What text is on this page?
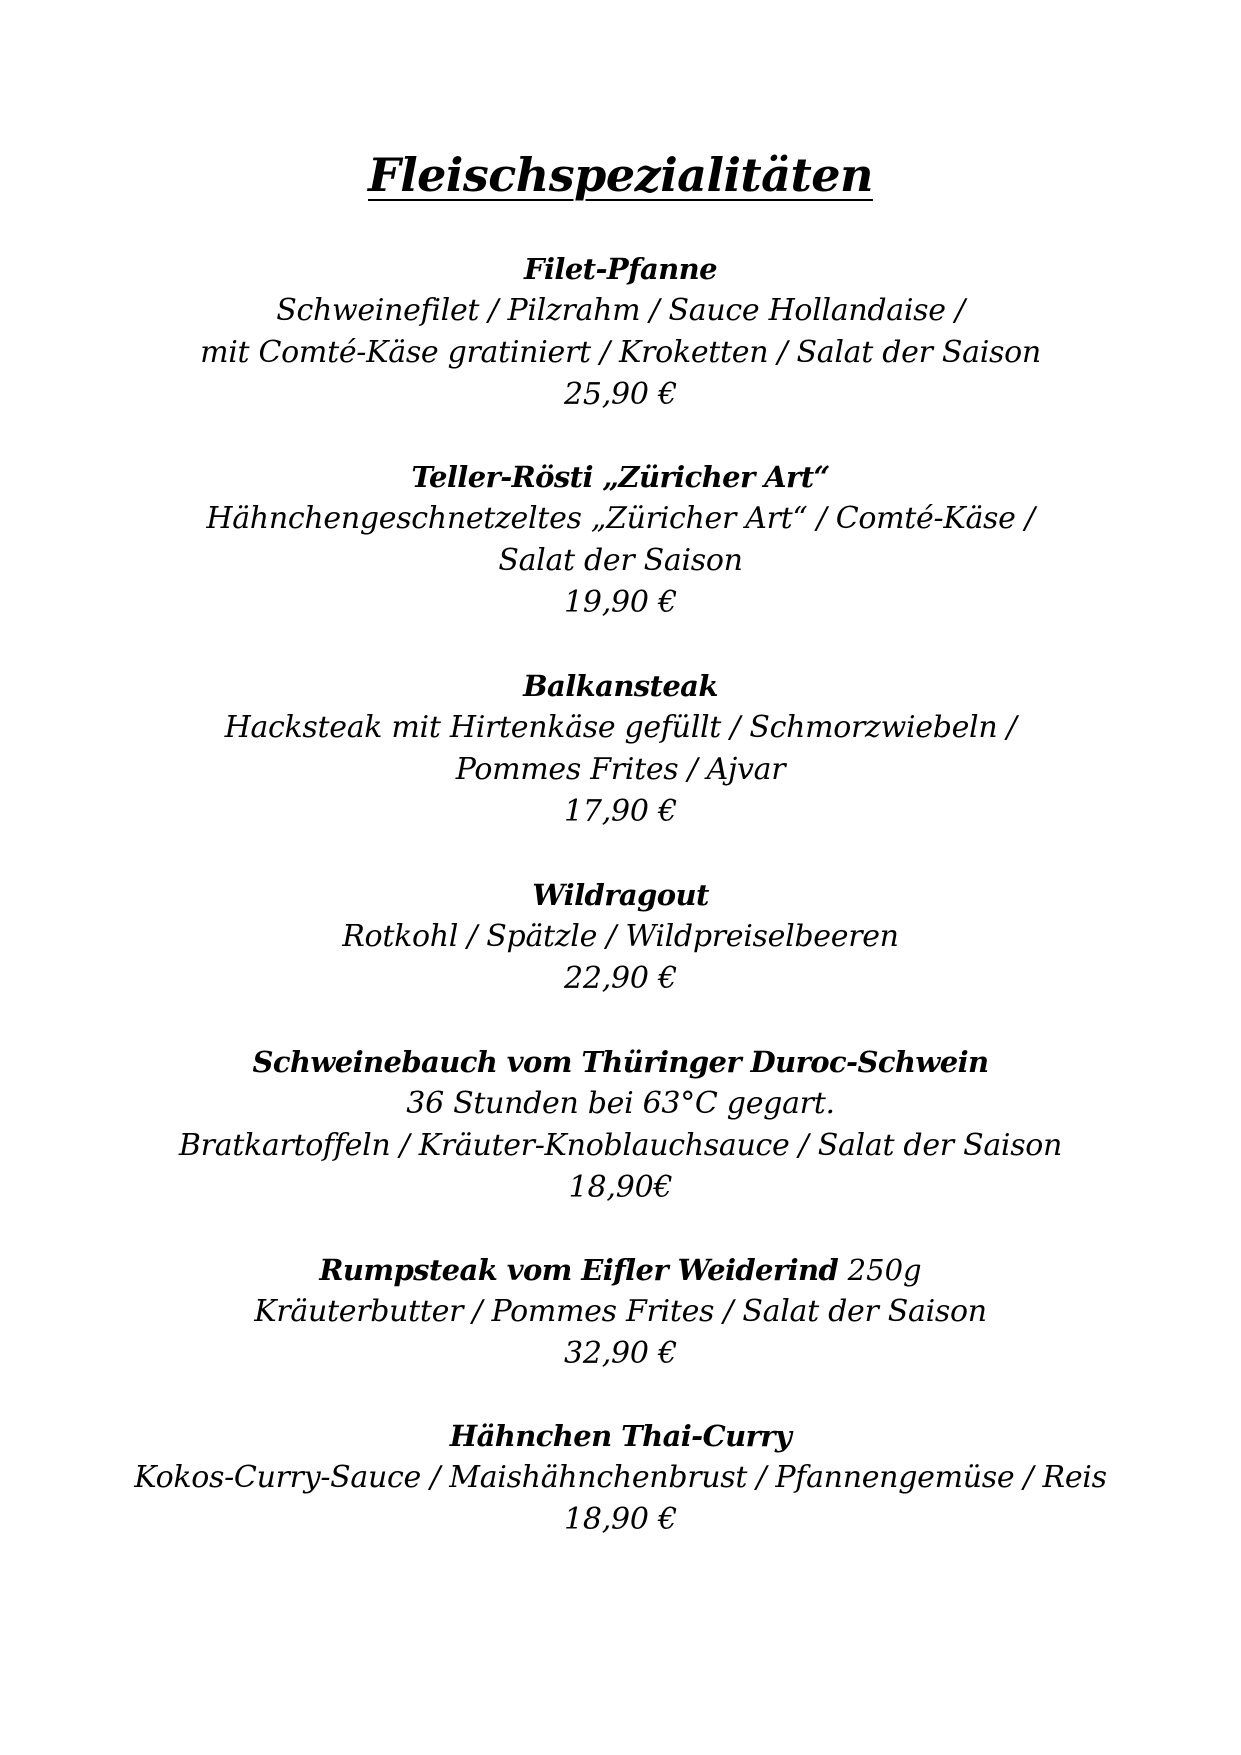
Fleischspezialitäten
Filet-Pfanne
Schweinefilet / Pilzrahm / Sauce Hollandaise /
mit Comté-Käse gratiniert / Kroketten / Salat der Saison
25,90 €
Teller-Rösti „Züricher Art“
Hähnchengeschnetzeltes „Züricher Art“ / Comté-Käse /
Salat der Saison
19,90 €
Balkansteak
Hacksteak mit Hirtenkäse gefüllt / Schmorzwiebeln /
Pommes Frites / Ajvar
17,90 €
Wildragout
Rotkohl / Spätzle / Wildpreiselbeeren
22,90 €
Schweinebauch vom Thüringer Duroc-Schwein
36 Stunden bei 63°C gegart.
Bratkartoffeln / Kräuter-Knoblauchsauce / Salat der Saison
18,90€
Rumpsteak vom Eifler Weiderind 250g
Kräuterbutter / Pommes Frites / Salat der Saison
32,90 €
Hähnchen Thai-Curry
Kokos-Curry-Sauce / Maishähnchenbrust / Pfannengemüse / Reis
18,90 €
